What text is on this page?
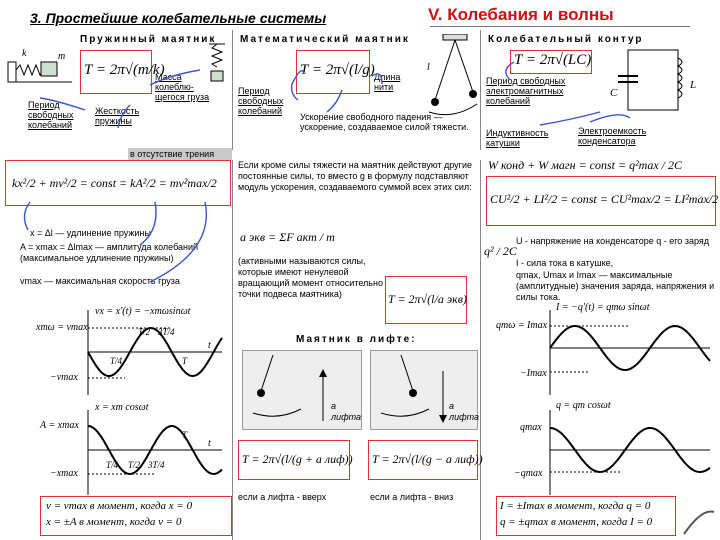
3. Простейшие колебательные системы	V. Колебания и волны
Пружинный маятник
k	m
T = 2π√(m/k)
Масса колеблю-щегося груза
Период свободных колебаний
Жесткость пружины
Математический маятник
T = 2π√(l/g) Длина нити
l
Период свободных колебаний
Ускорение свободного падения — ускорение, создаваемое силой тяжести.
Колебательный контур
T = 2π√(LC)
C
L
Период свободных электромагнитных колебаний
Индуктивность катушки
Электроемкость конденсатора
в отсутствие трения
kx²/2 + mv²/2 = const = kA²/2 = mv²max/2
x = Δl — удлинение пружины
A = xmax = Δlmax — амплитуда колебаний (максимальное удлинение пружины)
vmax — максимальная скорость груза
Если кроме силы тяжести на маятник действуют другие постоянные силы, то вместо g в формулу подставляют модуль ускорения, создаваемого суммой всех этих сил:
a экв = ΣF акт / m
(активными называются силы, которые имеют ненулевой вращающий момент относительно точки подвеса маятника)	T = 2π√(l/a экв)
Маятник в лифте:
a лифта
a лифта
T = 2π√(l/(g + a лиф)) T = 2π√(l/(g − a лиф))
если a лифта - вверх	если a лифта - вниз
W конд + W магн = const = q²max / 2C
CU²/2 + LI²/2 = const = CU²max/2 = LI²max/2
q² / 2C
U - напряжение на конденсаторе q - его заряд
I - сила тока в катушке,
qmax, Umax и Imax — максимальные (амплитудные) значения заряда, напряжения и силы тока.
vx = x′(t) = −xmωsinωt
xmω = vmax
−vmax
x = xm cosωt
A = xmax
−xmax
t
t
T/2 3T/4
T/4	T
T/4 T/2 3T/4
T
I = −q′(t) = qmω sinωt
qmω = Imax
−Imax
q = qm cosωt
qmax
−qmax
v = vmax в момент, когда x = 0
x = ±A в момент, когда v = 0
I = ±Imax в момент, когда q = 0
q = ±qmax в момент, когда I = 0
